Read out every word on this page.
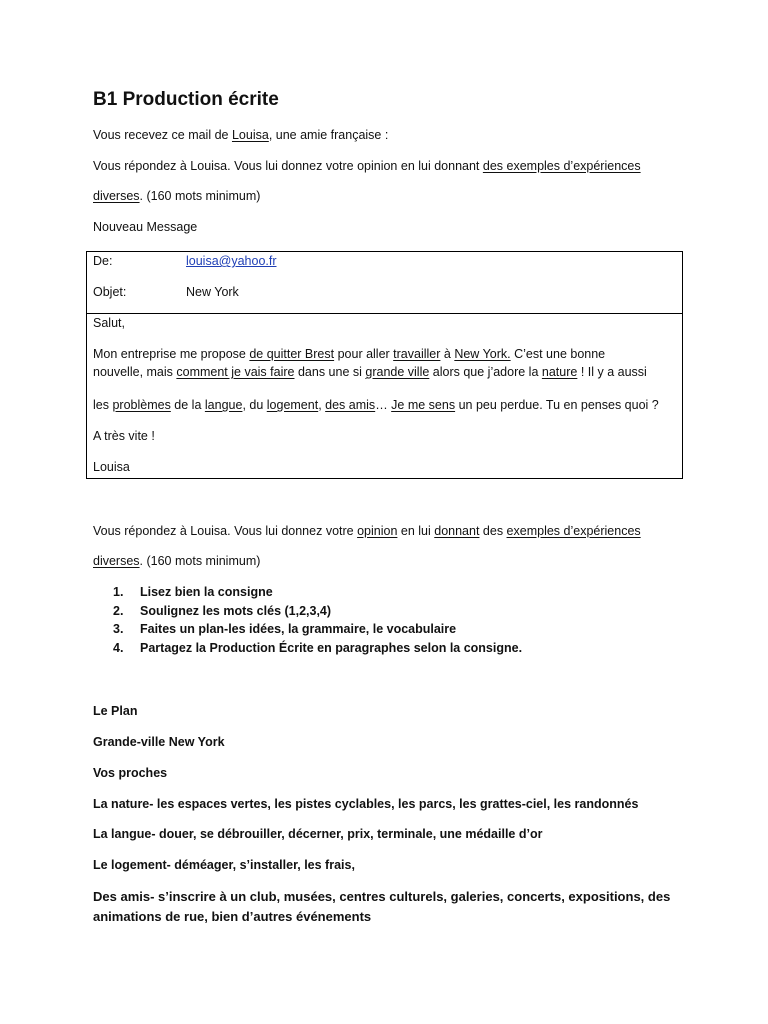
B1 Production écrite
Vous recevez ce mail de Louisa, une amie française :
Vous répondez à Louisa. Vous lui donnez votre opinion en lui donnant des exemples d’expériences
diverses. (160 mots minimum)
Nouveau Message
De:	louisa@yahoo.fr
Objet:	New York
Salut,
Mon entreprise me propose de quitter Brest pour aller travailler à New York. C’est une bonne
nouvelle, mais comment je vais faire dans une si grande ville alors que j’adore la nature ! Il y a aussi
les problèmes de la langue, du logement, des amis… Je me sens un peu perdue. Tu en penses quoi ?
A très vite !
Louisa
Vous répondez à Louisa. Vous lui donnez votre opinion en lui donnant des exemples d’expériences
diverses. (160 mots minimum)
1. Lisez bien la consigne
2. Soulignez les mots clés (1,2,3,4)
3. Faites un plan-les idées, la grammaire, le vocabulaire
4. Partagez la Production Écrite en paragraphes selon la consigne.
Le Plan
Grande-ville New York
Vos proches
La nature- les espaces vertes, les pistes cyclables, les parcs, les grattes-ciel, les randonnés
La langue- douer, se débrouiller, décerner, prix, terminale, une médaille d’or
Le logement- déméager, s’installer, les frais,
Des amis- s’inscrire à un club, musées, centres culturels, galeries, concerts, expositions, des
animations de rue, bien d’autres événements
